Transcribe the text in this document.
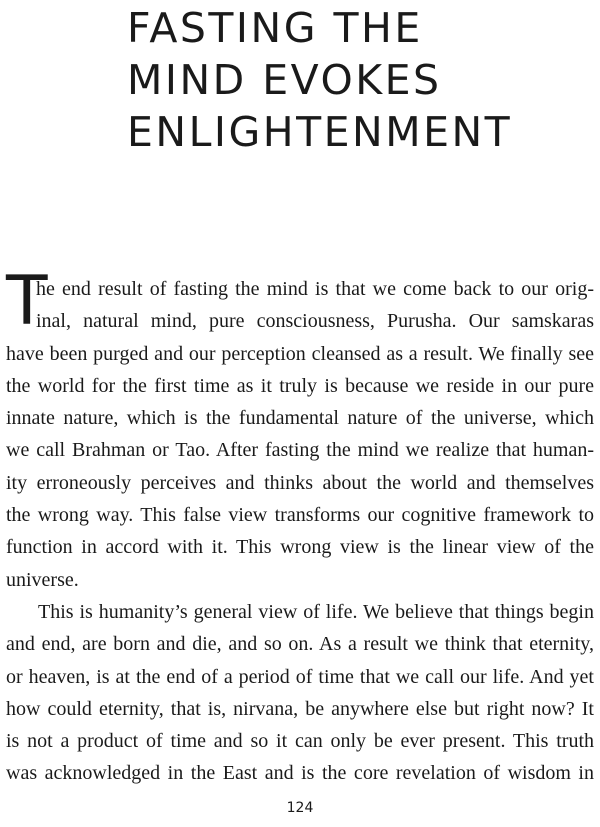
FASTING THE
MIND EVOKES
ENLIGHTENMENT
T
he end result of fasting the mind is that we come back to our orig-
inal, natural mind, pure consciousness, Purusha. Our samskaras
have been purged and our perception cleansed as a result. We finally see
the world for the first time as it truly is because we reside in our pure
innate nature, which is the fundamental nature of the universe, which
we call Brahman or Tao. After fasting the mind we realize that human-
ity erroneously perceives and thinks about the world and themselves
the wrong way. This false view transforms our cognitive framework to
function in accord with it. This wrong view is the linear view of the
universe.
This is humanity’s general view of life. We believe that things begin
and end, are born and die, and so on. As a result we think that eternity,
or heaven, is at the end of a period of time that we call our life. And yet
how could eternity, that is, nirvana, be anywhere else but right now? It
is not a product of time and so it can only be ever present. This truth
was acknowledged in the East and is the core revelation of wisdom in
124
